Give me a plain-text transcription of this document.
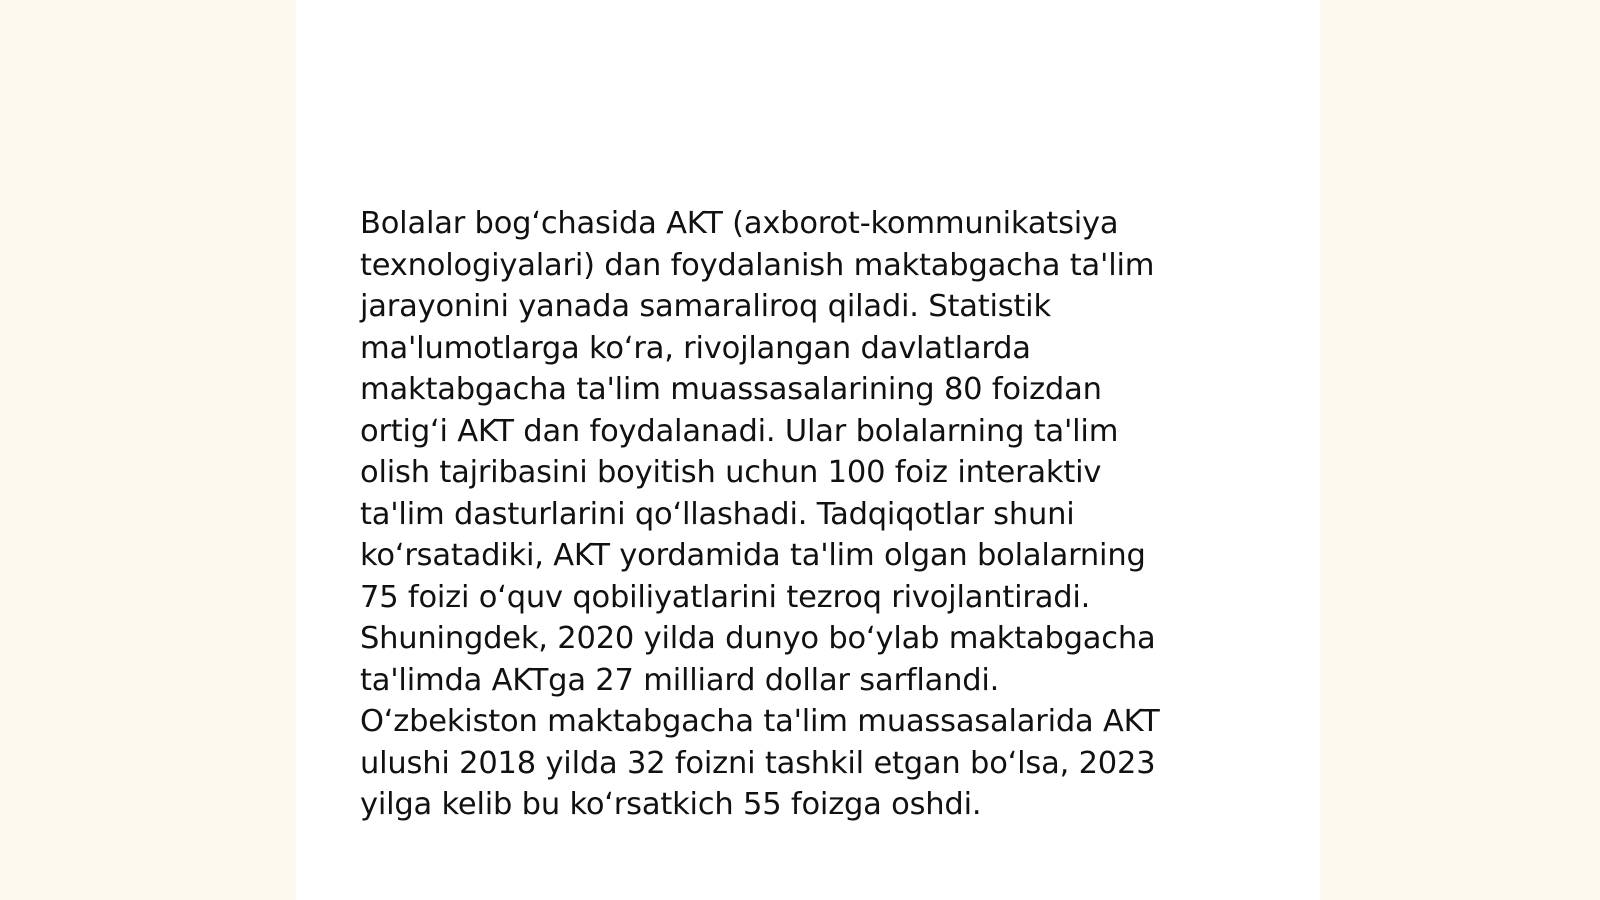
Bolalar bog‘chasida AKT (axborot-kommunikatsiya
texnologiyalari) dan foydalanish maktabgacha ta'lim
jarayonini yanada samaraliroq qiladi. Statistik
ma'lumotlarga ko‘ra, rivojlangan davlatlarda
maktabgacha ta'lim muassasalarining 80 foizdan
ortig‘i AKT dan foydalanadi. Ular bolalarning ta'lim
olish tajribasini boyitish uchun 100 foiz interaktiv
ta'lim dasturlarini qo‘llashadi. Tadqiqotlar shuni
ko‘rsatadiki, AKT yordamida ta'lim olgan bolalarning
75 foizi o‘quv qobiliyatlarini tezroq rivojlantiradi.
Shuningdek, 2020 yilda dunyo bo‘ylab maktabgacha
ta'limda AKTga 27 milliard dollar sarflandi.
O‘zbekiston maktabgacha ta'lim muassasalarida AKT
ulushi 2018 yilda 32 foizni tashkil etgan bo‘lsa, 2023
yilga kelib bu ko‘rsatkich 55 foizga oshdi.
